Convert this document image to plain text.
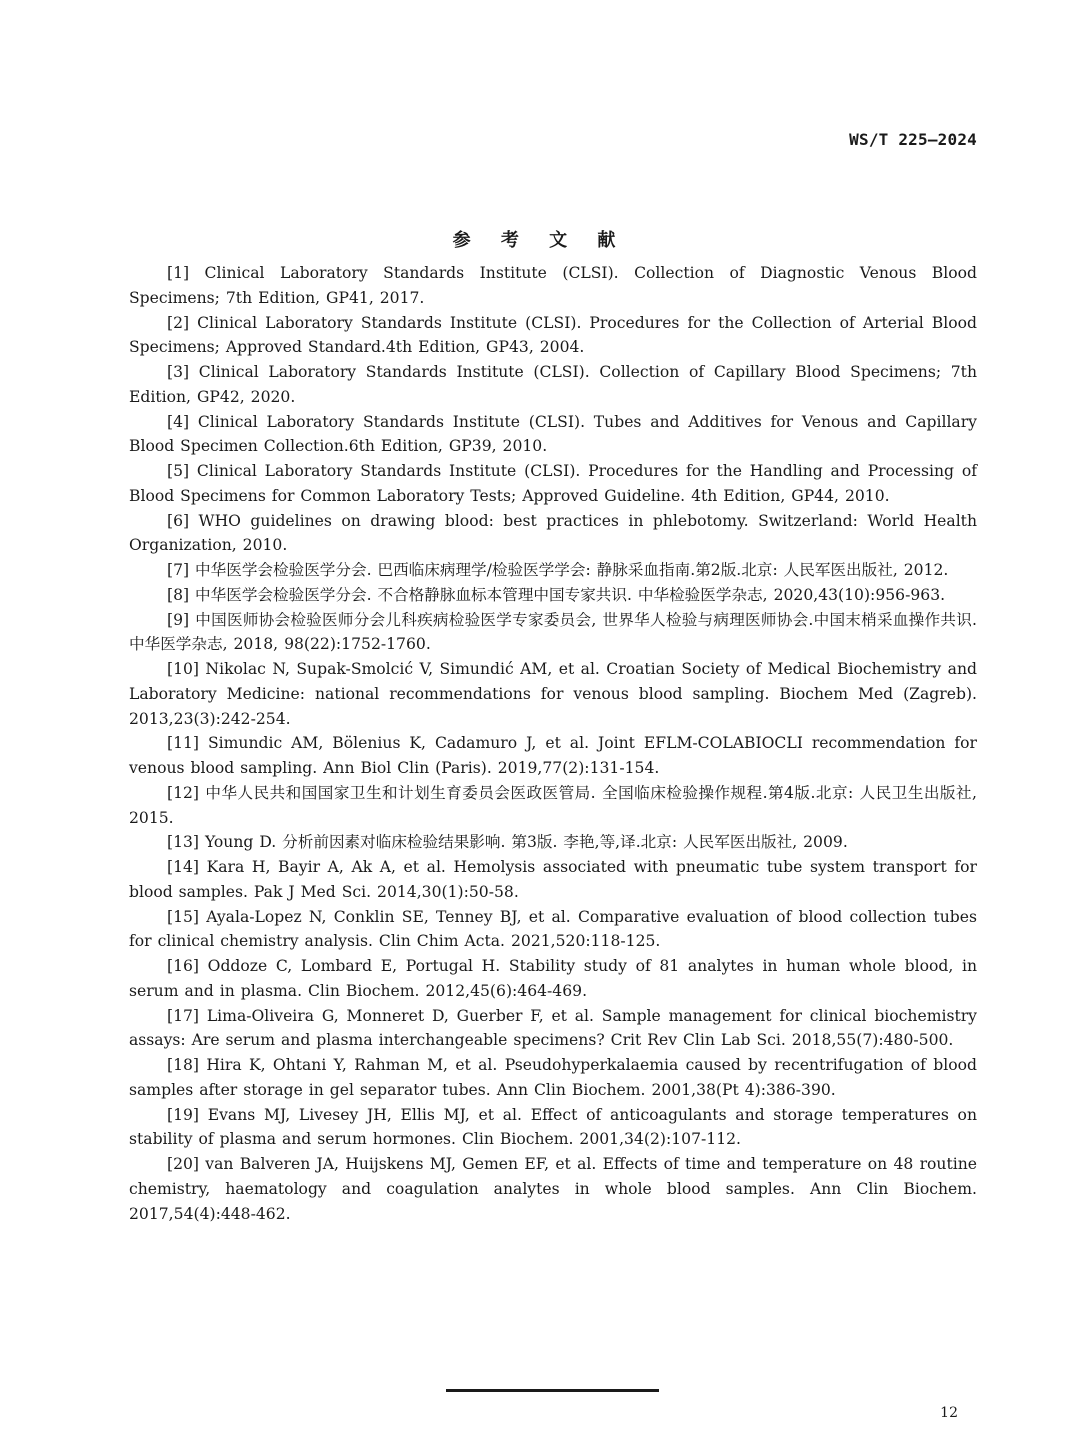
WS/T 225—2024
参 考 文 献
[1] Clinical Laboratory Standards Institute (CLSI). Collection of Diagnostic Venous Blood Specimens; 7th Edition, GP41, 2017.
[2] Clinical Laboratory Standards Institute (CLSI). Procedures for the Collection of Arterial Blood Specimens; Approved Standard.4th Edition, GP43, 2004.
[3] Clinical Laboratory Standards Institute (CLSI). Collection of Capillary Blood Specimens; 7th Edition, GP42, 2020.
[4] Clinical Laboratory Standards Institute (CLSI). Tubes and Additives for Venous and Capillary Blood Specimen Collection.6th Edition, GP39, 2010.
[5] Clinical Laboratory Standards Institute (CLSI). Procedures for the Handling and Processing of Blood Specimens for Common Laboratory Tests; Approved Guideline. 4th Edition, GP44, 2010.
[6] WHO guidelines on drawing blood: best practices in phlebotomy. Switzerland: World Health Organization, 2010.
[7] 中华医学会检验医学分会. 巴西临床病理学/检验医学学会: 静脉采血指南.第2版.北京: 人民军医出版社, 2012.
[8] 中华医学会检验医学分会. 不合格静脉血标本管理中国专家共识. 中华检验医学杂志, 2020,43(10):956-963.
[9] 中国医师协会检验医师分会儿科疾病检验医学专家委员会, 世界华人检验与病理医师协会.中国末梢采血操作共识. 中华医学杂志, 2018, 98(22):1752-1760.
[10] Nikolac N, Supak-Smolcić V, Simundić AM, et al. Croatian Society of Medical Biochemistry and Laboratory Medicine: national recommendations for venous blood sampling. Biochem Med (Zagreb). 2013,23(3):242-254.
[11] Simundic AM, Bölenius K, Cadamuro J, et al. Joint EFLM-COLABIOCLI recommendation for venous blood sampling. Ann Biol Clin (Paris). 2019,77(2):131-154.
[12] 中华人民共和国国家卫生和计划生育委员会医政医管局. 全国临床检验操作规程.第4版.北京: 人民卫生出版社, 2015.
[13] Young D. 分析前因素对临床检验结果影响. 第3版. 李艳,等,译.北京: 人民军医出版社, 2009.
[14] Kara H, Bayir A, Ak A, et al. Hemolysis associated with pneumatic tube system transport for blood samples. Pak J Med Sci. 2014,30(1):50-58.
[15] Ayala-Lopez N, Conklin SE, Tenney BJ, et al. Comparative evaluation of blood collection tubes for clinical chemistry analysis. Clin Chim Acta. 2021,520:118-125.
[16] Oddoze C, Lombard E, Portugal H. Stability study of 81 analytes in human whole blood, in serum and in plasma. Clin Biochem. 2012,45(6):464-469.
[17] Lima-Oliveira G, Monneret D, Guerber F, et al. Sample management for clinical biochemistry assays: Are serum and plasma interchangeable specimens? Crit Rev Clin Lab Sci. 2018,55(7):480-500.
[18] Hira K, Ohtani Y, Rahman M, et al. Pseudohyperkalaemia caused by recentrifugation of blood samples after storage in gel separator tubes. Ann Clin Biochem. 2001,38(Pt 4):386-390.
[19] Evans MJ, Livesey JH, Ellis MJ, et al. Effect of anticoagulants and storage temperatures on stability of plasma and serum hormones. Clin Biochem. 2001,34(2):107-112.
[20] van Balveren JA, Huijskens MJ, Gemen EF, et al. Effects of time and temperature on 48 routine chemistry, haematology and coagulation analytes in whole blood samples. Ann Clin Biochem. 2017,54(4):448-462.
12
